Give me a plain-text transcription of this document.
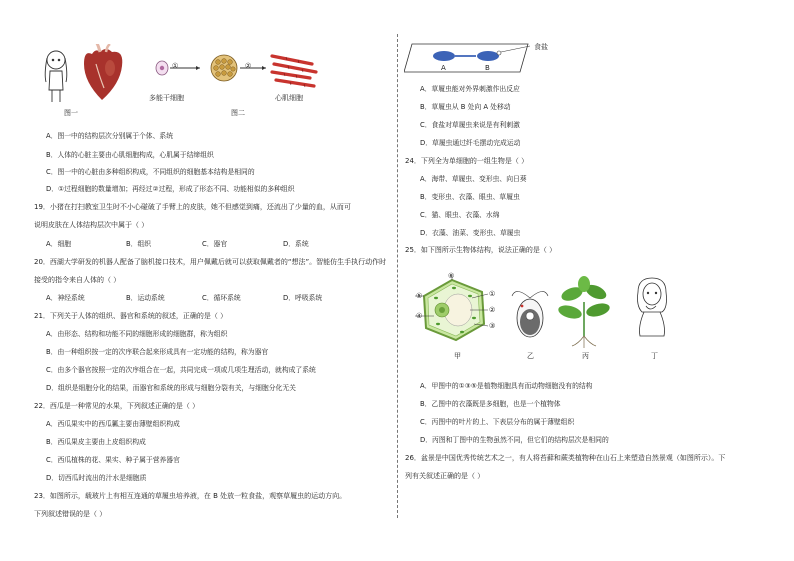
①	②
多能干细胞	心肌细胞
图一	图二
A．图一中的结构层次分别属于个体、系统
B．人体的心脏主要由心肌细胞构成，心肌属于结缔组织
C．图一中的心脏由多种组织构成，不同组织的细胞基本结构是相同的
D．①过程细胞的数量增加；再经过②过程，形成了形态不同、功能相似的多种组织
19．小猪在打扫教室卫生时不小心碰破了手臂上的皮肤，她不但感觉到痛，还流出了少量的血，从而可
说明皮肤在人体结构层次中属于（ ）
A．细胞	B．组织	C．器官	D．系统
20．西湖大学研发的机器人配备了脑机接口技术，用户佩戴后就可以获取佩戴者的“想法”。智能仿生手执行动作时
接受的指令来自人体的（ ）
A．神经系统	B．运动系统	C．循环系统	D．呼吸系统
21．下列关于人体的组织、器官和系统的叙述，正确的是（ ）
A．由形态、结构和功能不同的细胞形成的细胞群，称为组织
B．由一种组织按一定的次序联合起来形成具有一定功能的结构，称为器官
C．由多个器官按照一定的次序组合在一起，共同完成一项或几项生理活动，就构成了系统
D．组织是细胞分化的结果，而器官和系统的形成与细胞分裂有关，与细胞分化无关
22．西瓜是一种常见的水果，下列叙述正确的是（ ）
A．西瓜果实中的西瓜瓤主要由薄壁组织构成
B．西瓜果皮主要由上皮组织构成
C．西瓜植株的花、果实、种子属于营养器官
D．切西瓜时流出的汁水是细胞质
23．如图所示，载玻片上有相互连通的草履虫培养液，在 B 处放一粒食盐，观察草履虫的运动方向。
下列叙述错误的是（ ）
食盐
A	B
A．草履虫能对外界刺激作出反应
B．草履虫从 B 处向 A 处移动
C．食盐对草履虫来说是有利刺激
D．草履虫通过纤毛摆动完成运动
24．下列全为单细胞的一组生物是（ ）
A．海带、草履虫、变形虫、向日葵
B．变形虫、衣藻、眼虫、草履虫
C．猫、眼虫、衣藻、水绵
D．衣藻、油菜、变形虫、草履虫
25．如下图所示生物体结构，说法正确的是（ ）
⑥
⑤
④
①
②
③
甲	乙	丙	丁
A．甲图中的①③⑤是植物细胞具有而动物细胞没有的结构
B．乙图中的衣藻既是多细胞，也是一个植物体
C．丙图中的叶片的上、下表层分布的属于薄壁组织
D．丙图和丁图中的生物虽然不同，但它们的结构层次是相同的
26．盆景是中国优秀传统艺术之一，有人将苔藓和蕨类植物种在山石上来塑造自然景观（如图所示）。下
列有关叙述正确的是（ ）
